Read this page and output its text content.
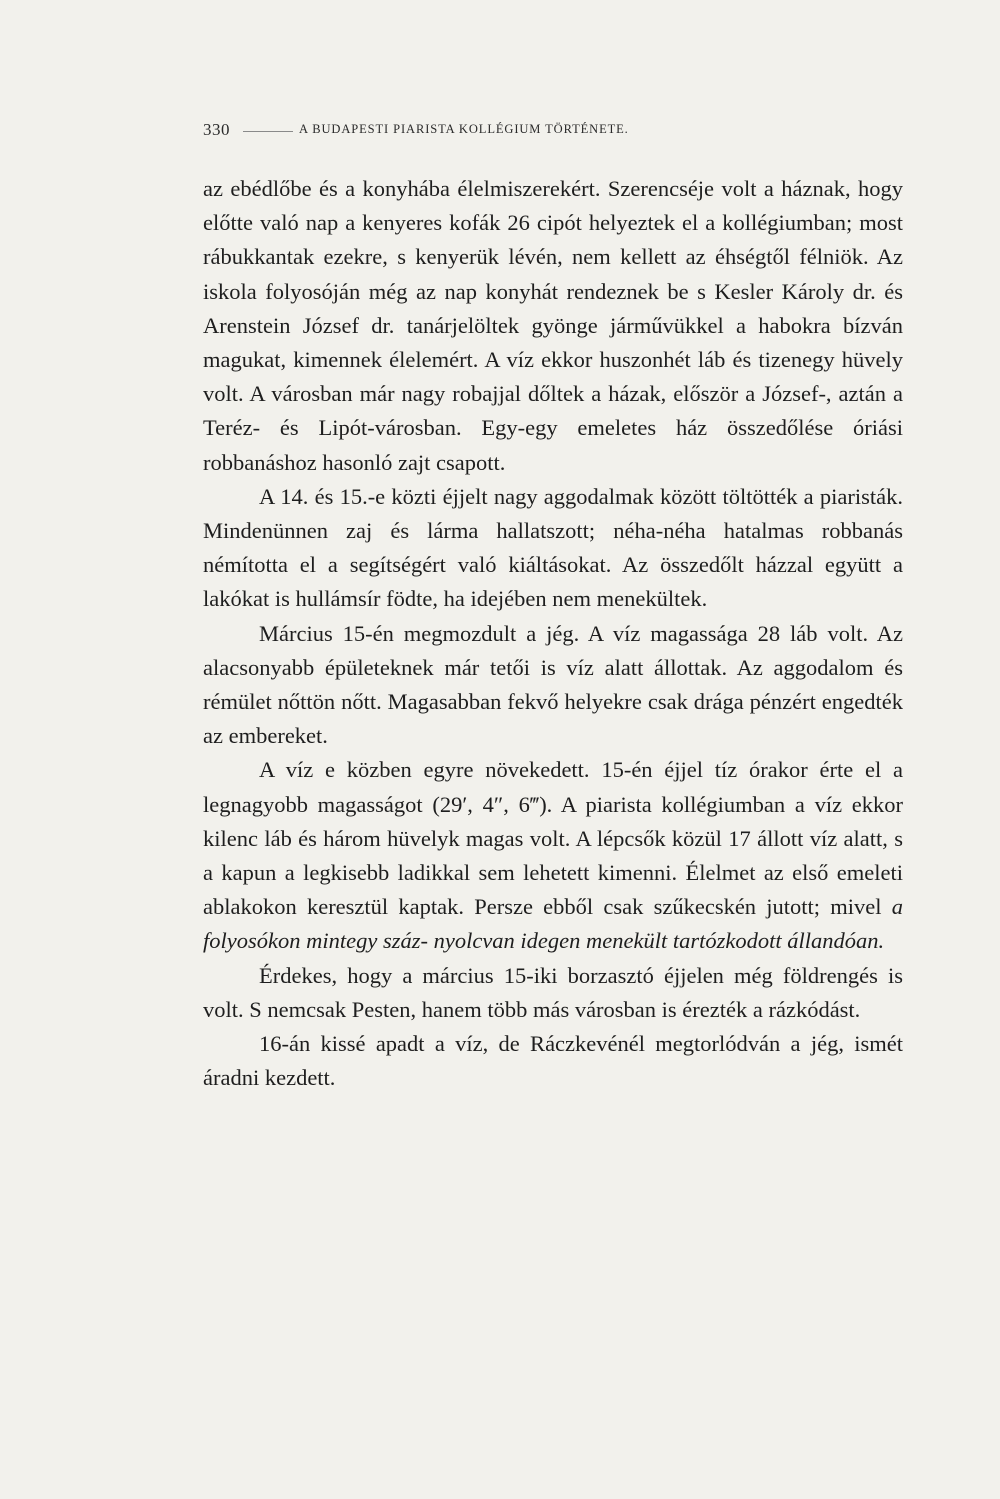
330	A BUDAPESTI PIARISTA KOLLÉGIUM TÖRTÉNETE.

az ebédlőbe és a konyhába élelmiszerekért. Szerencséje volt a háznak, hogy előtte való nap a kenyeres kofák 26 cipót helyeztek el a kollégiumban; most rábukkantak ezekre, s kenyerük lévén, nem kellett az éhségtől félniök. Az iskola folyosóján még az nap konyhát rendeznek be s Kesler Károly dr. és Arenstein József dr. tanárjelöltek gyönge járművükkel a habokra bízván magukat, kimennek élelemért. A víz ekkor huszonhét láb és tizenegy hüvely volt. A városban már nagy robajjal dőltek a házak, először a József-, aztán a Teréz- és Lipót-városban. Egy-egy emeletes ház összedőlése óriási robbanáshoz hasonló zajt csapott.

A 14. és 15.-e közti éjjelt nagy aggodalmak között töltötték a piaristák. Mindenünnen zaj és lárma hallatszott; néha-néha hatalmas robbanás némította el a segítségért való kiáltásokat. Az összedőlt házzal együtt a lakókat is hullámsír födte, ha idejében nem menekültek.

Március 15-én megmozdult a jég. A víz magassága 28 láb volt. Az alacsonyabb épületeknek már tetői is víz alatt állottak. Az aggodalom és rémület nőttön nőtt. Magasabban fekvő helyekre csak drága pénzért engedték az embereket.

A víz e közben egyre növekedett. 15-én éjjel tíz órakor érte el a legnagyobb magasságot (29′, 4″, 6‴). A piarista kollégiumban a víz ekkor kilenc láb és három hüvelyk magas volt. A lépcsők közül 17 állott víz alatt, s a kapun a legkisebb ladikkal sem lehetett kimenni. Élelmet az első emeleti ablakokon keresztül kaptak. Persze ebből csak szűkecskén jutott; mivel a folyosókon mintegy száz- nyolcvan idegen menekült tartózkodott állandóan.

Érdekes, hogy a március 15-iki borzasztó éjjelen még földrengés is volt. S nemcsak Pesten, hanem több más városban is érezték a rázkódást.

16-án kissé apadt a víz, de Ráczkevénél megtorlódván a jég, ismét áradni kezdett.
